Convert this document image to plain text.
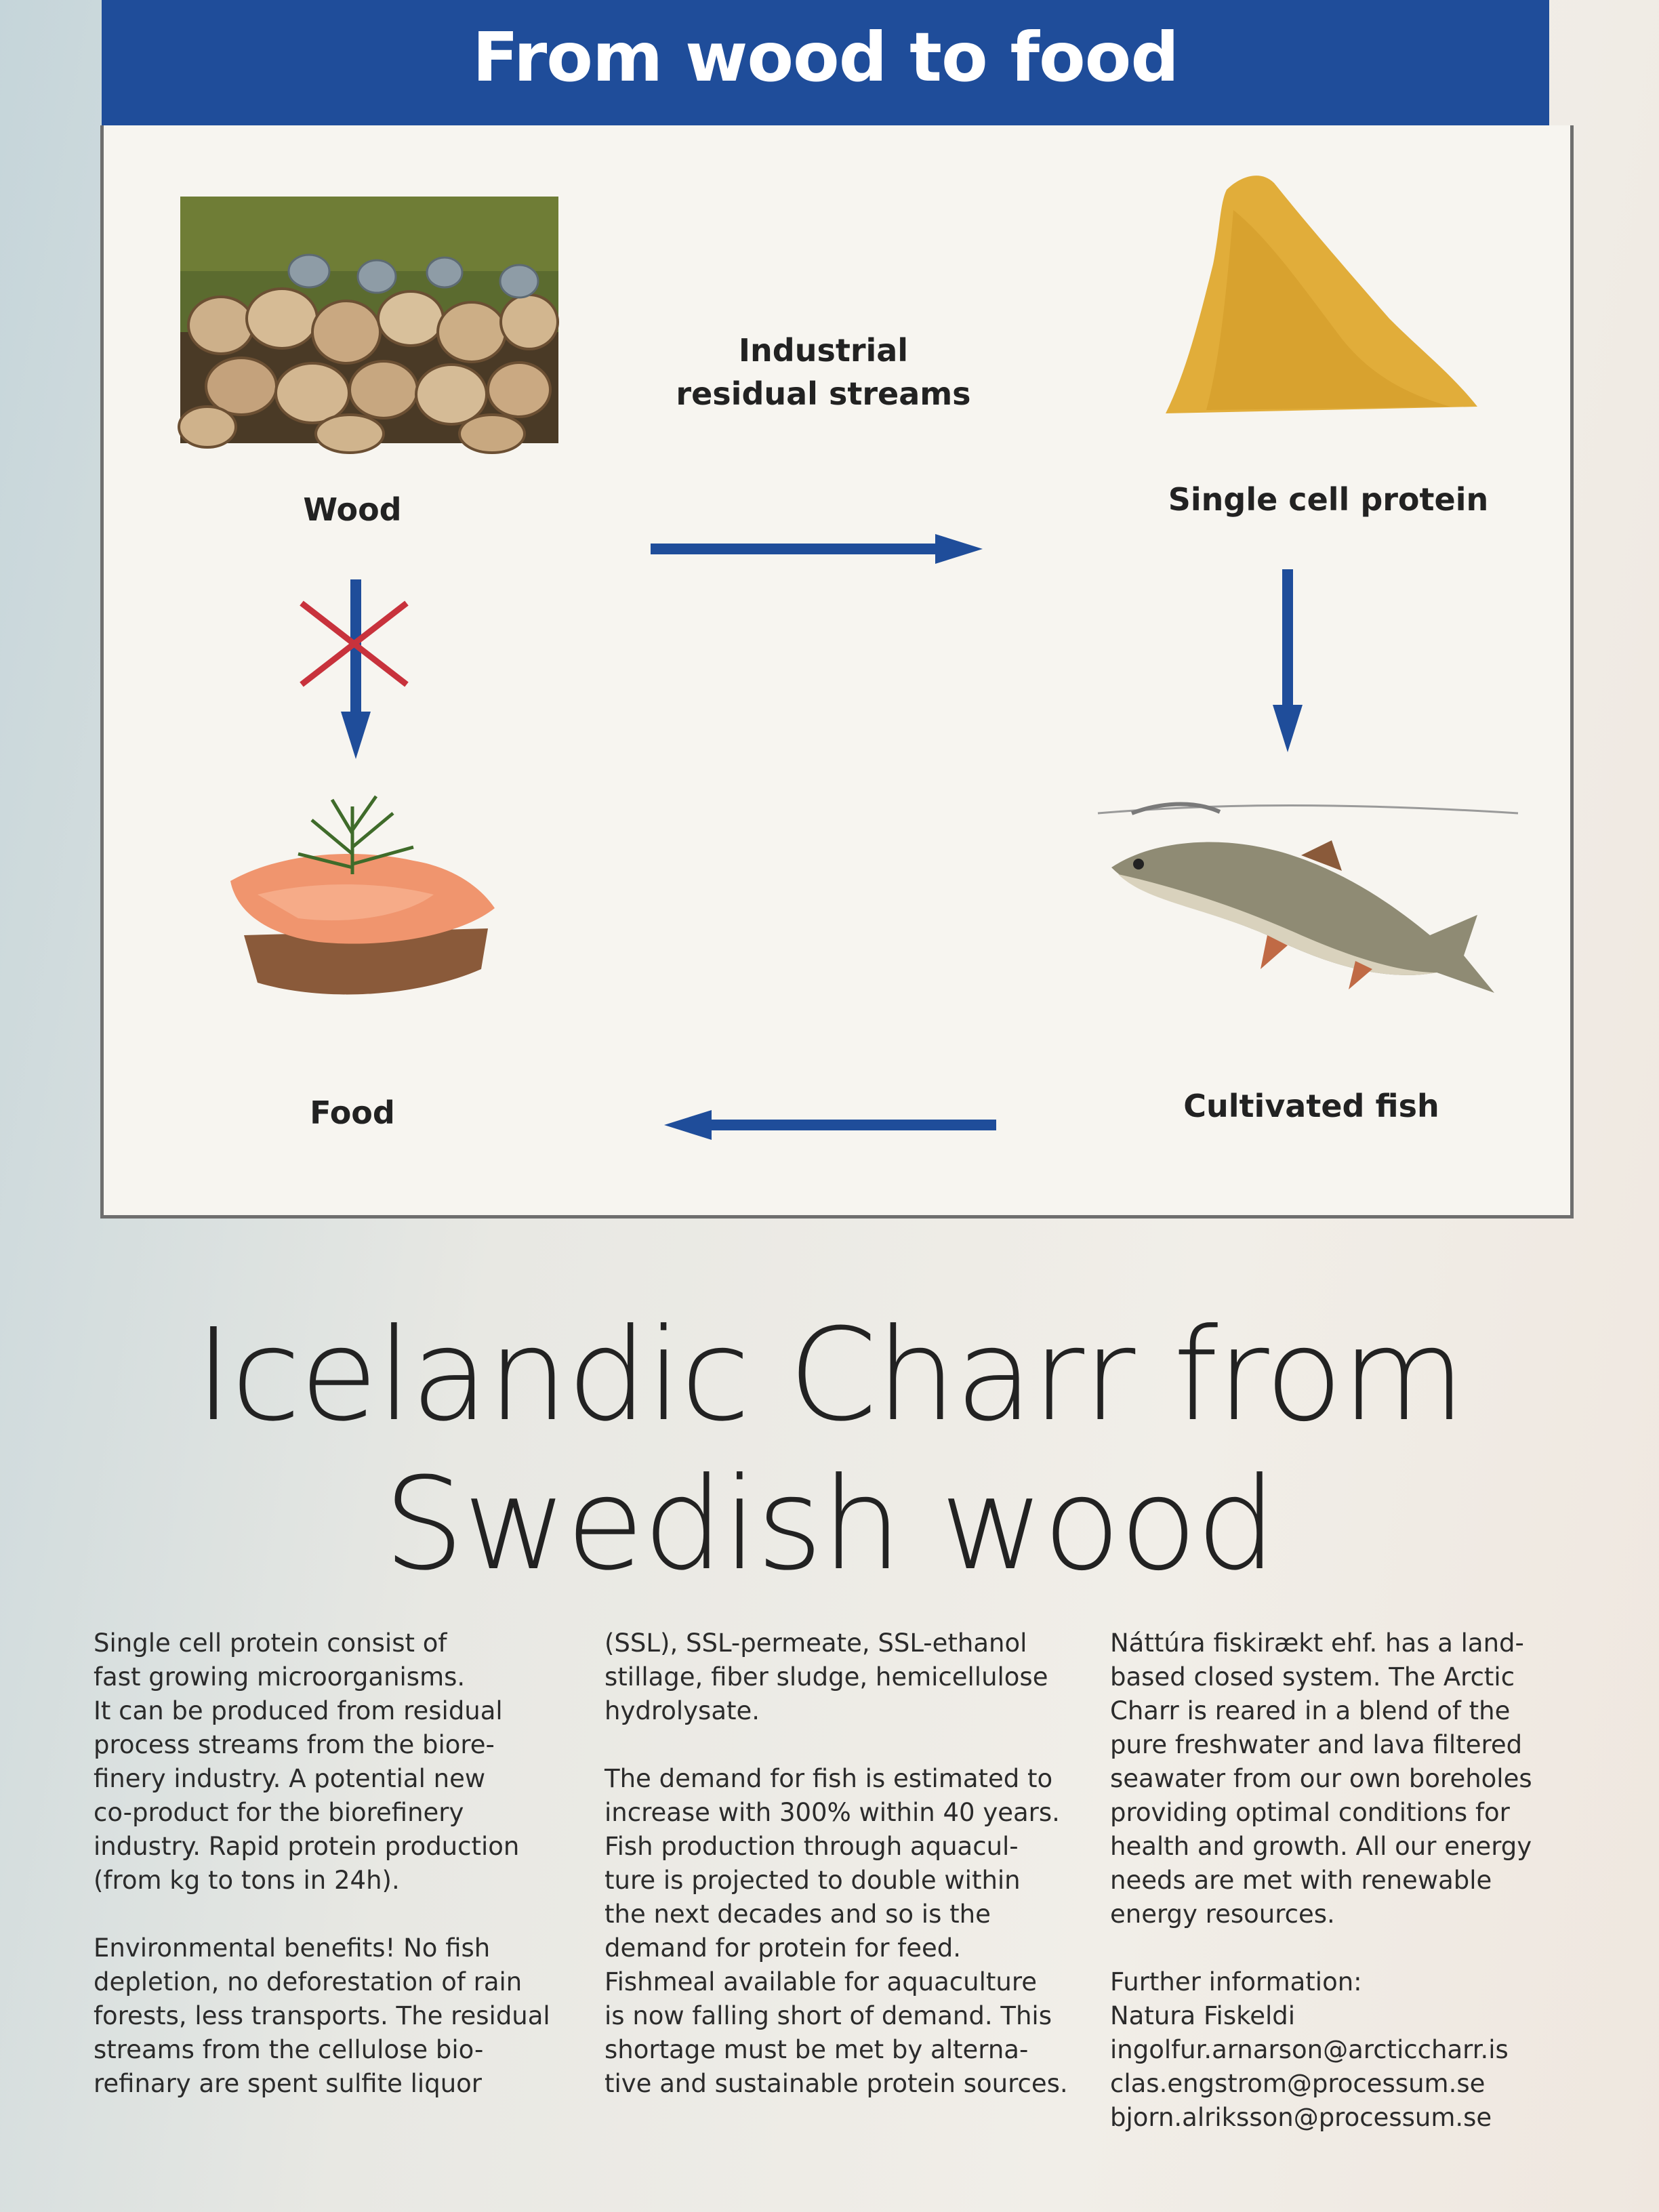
From wood to food
Wood
Industrial residual streams
Single cell protein
Cultivated fish
Food
Icelandic Charr from
Swedish wood

Single cell protein consist of
fast growing microorganisms.
It can be produced from residual
process streams from the biore-
finery industry. A potential new
co-product for the biorefinery
industry. Rapid protein production
(from kg to tons in 24h).

Environmental benefits! No fish
depletion, no deforestation of rain
forests, less transports. The residual
streams from the cellulose bio-
refinary are spent sulfite liquor

(SSL), SSL-permeate, SSL-ethanol
stillage, fiber sludge, hemicellulose
hydrolysate.

The demand for fish is estimated to
increase with 300% within 40 years.
Fish production through aquacul-
ture is projected to double within
the next decades and so is the
demand for protein for feed.
Fishmeal available for aquaculture
is now falling short of demand. This
shortage must be met by alterna-
tive and sustainable protein sources.

Náttúra fiskirækt ehf. has a land-
based closed system. The Arctic
Charr is reared in a blend of the
pure freshwater and lava filtered
seawater from our own boreholes
providing optimal conditions for
health and growth. All our energy
needs are met with renewable
energy resources.

Further information:
Natura Fiskeldi
ingolfur.arnarson@arcticcharr.is
clas.engstrom@processum.se
bjorn.alriksson@processum.se
